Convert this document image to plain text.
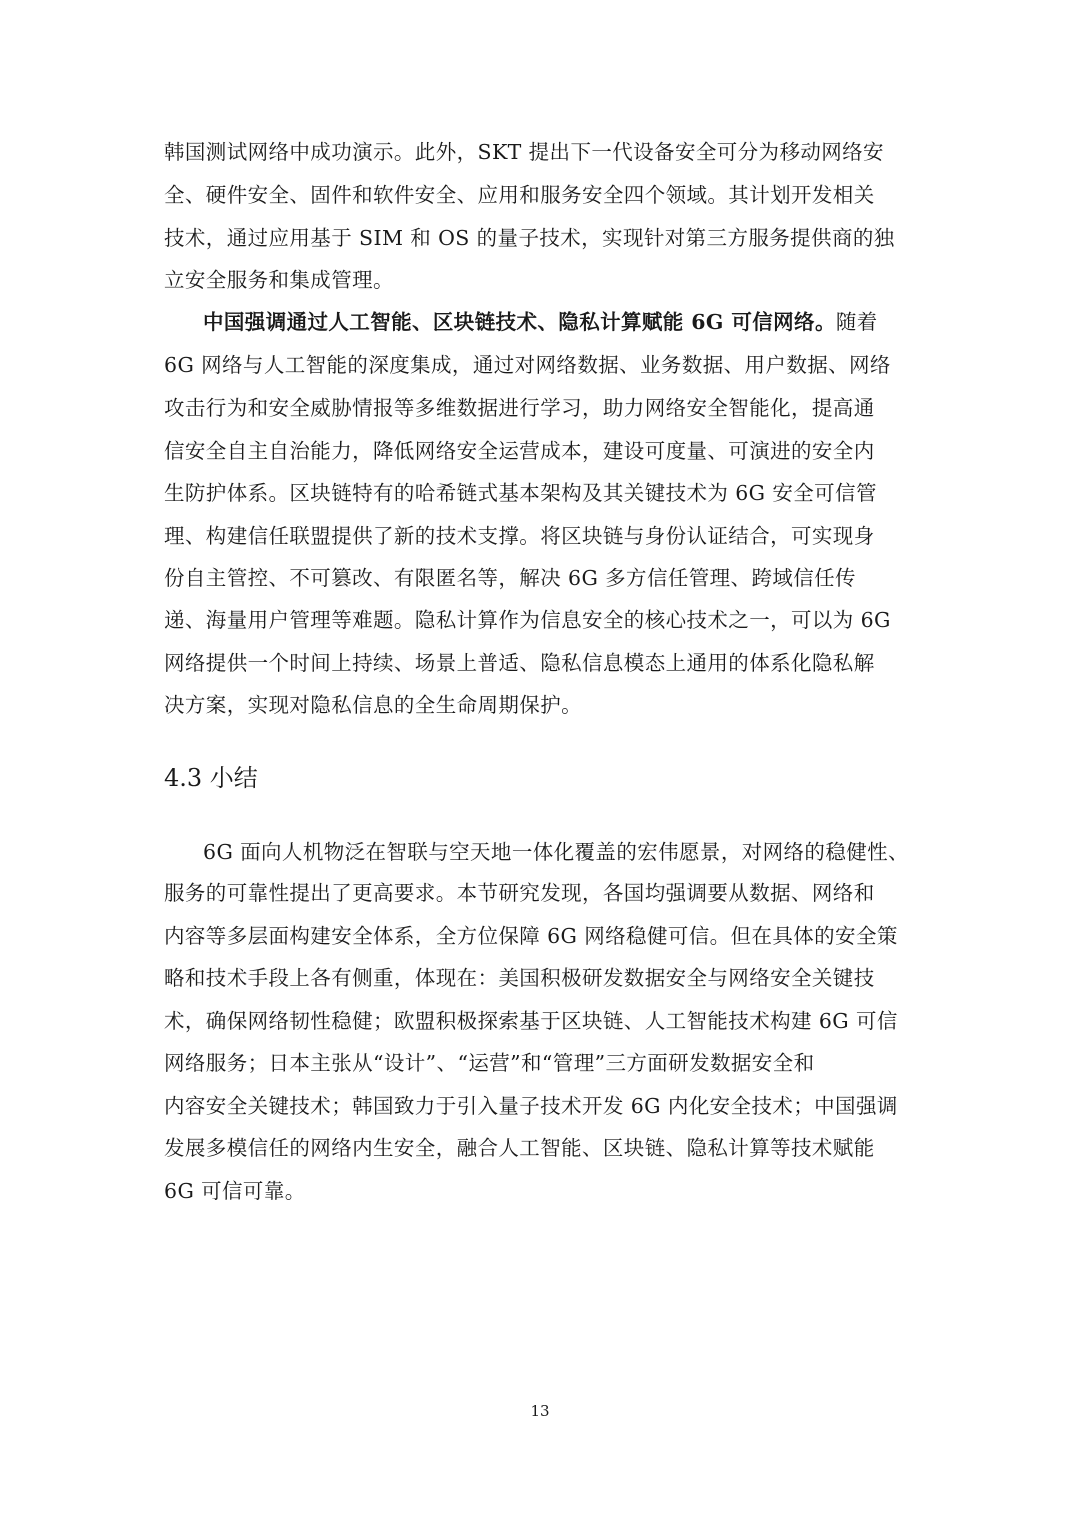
韩国测试网络中成功演示。此外，SKT 提出下一代设备安全可分为移动网络安
全、硬件安全、固件和软件安全、应用和服务安全四个领域。其计划开发相关
技术，通过应用基于 SIM 和 OS 的量子技术，实现针对第三方服务提供商的独
立安全服务和集成管理。
中国强调通过人工智能、区块链技术、隐私计算赋能 6G 可信网络。随着
6G 网络与人工智能的深度集成，通过对网络数据、业务数据、用户数据、网络
攻击行为和安全威胁情报等多维数据进行学习，助力网络安全智能化，提高通
信安全自主自治能力，降低网络安全运营成本，建设可度量、可演进的安全内
生防护体系。区块链特有的哈希链式基本架构及其关键技术为 6G 安全可信管
理、构建信任联盟提供了新的技术支撑。将区块链与身份认证结合，可实现身
份自主管控、不可篡改、有限匿名等，解决 6G 多方信任管理、跨域信任传
递、海量用户管理等难题。隐私计算作为信息安全的核心技术之一，可以为 6G
网络提供一个时间上持续、场景上普适、隐私信息模态上通用的体系化隐私解
决方案，实现对隐私信息的全生命周期保护。
4.3 小结
6G 面向人机物泛在智联与空天地一体化覆盖的宏伟愿景，对网络的稳健性、
服务的可靠性提出了更高要求。本节研究发现，各国均强调要从数据、网络和
内容等多层面构建安全体系，全方位保障 6G 网络稳健可信。但在具体的安全策
略和技术手段上各有侧重，体现在：美国积极研发数据安全与网络安全关键技
术，确保网络韧性稳健；欧盟积极探索基于区块链、人工智能技术构建 6G 可信
网络服务；日本主张从“设计”、“运营”和“管理”三方面研发数据安全和
内容安全关键技术；韩国致力于引入量子技术开发 6G 内化安全技术；中国强调
发展多模信任的网络内生安全，融合人工智能、区块链、隐私计算等技术赋能
6G 可信可靠。
13
